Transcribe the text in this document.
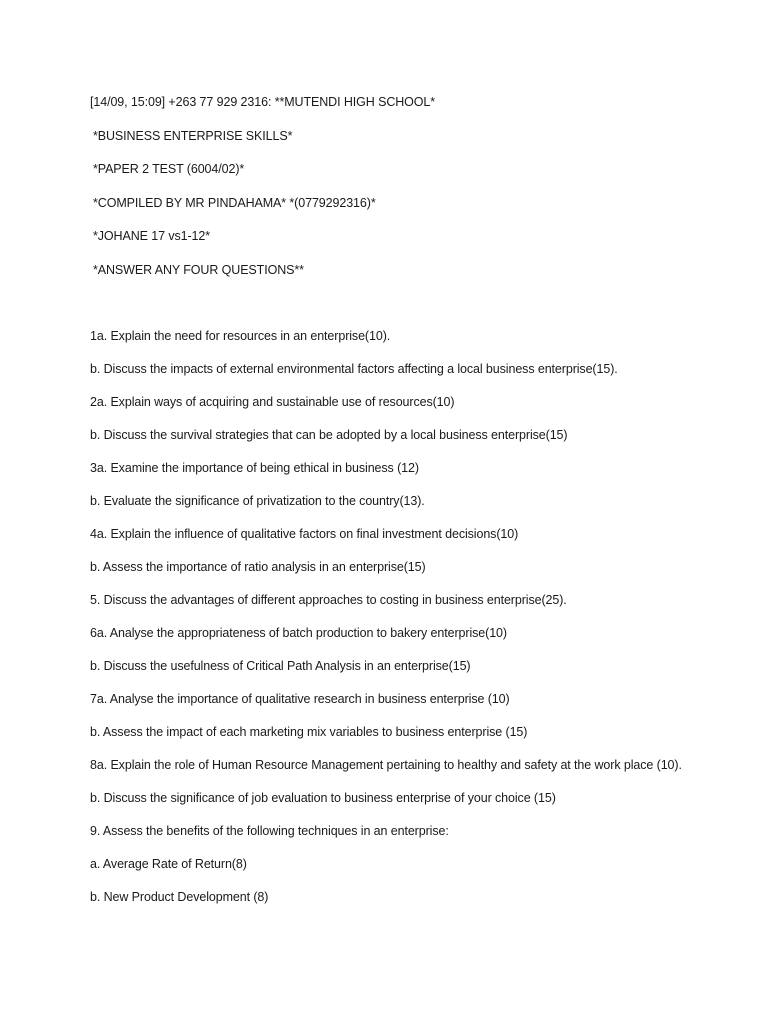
[14/09, 15:09] +263 77 929 2316: **MUTENDI HIGH SCHOOL*

*BUSINESS ENTERPRISE SKILLS*

*PAPER 2 TEST (6004/02)*

*COMPILED BY MR PINDAHAMA* *(0779292316)*

*JOHANE 17 vs1-12*

*ANSWER ANY FOUR QUESTIONS**

1a. Explain the need for resources in an enterprise(10).

b. Discuss the impacts of external environmental factors affecting a local business enterprise(15).

2a. Explain ways of acquiring and sustainable use of resources(10)

b. Discuss the survival strategies that can be adopted by a local business enterprise(15)

3a. Examine the importance of being ethical in business (12)

b. Evaluate the significance of privatization to the country(13).

4a. Explain the influence of qualitative factors on final investment decisions(10)

b. Assess the importance of ratio analysis in an enterprise(15)

5. Discuss the advantages of different approaches to costing in business enterprise(25).

6a. Analyse the appropriateness of batch production to bakery enterprise(10)

b. Discuss the usefulness of Critical Path Analysis in an enterprise(15)

7a. Analyse the importance of qualitative research in business enterprise (10)

b. Assess the impact of each marketing mix variables to business enterprise (15)

8a. Explain the role of Human Resource Management pertaining to healthy and safety at the work place (10).

b. Discuss the significance of job evaluation to business enterprise of your choice (15)

9. Assess the benefits of the following techniques in an enterprise:

a. Average Rate of Return(8)

b. New Product Development (8)
